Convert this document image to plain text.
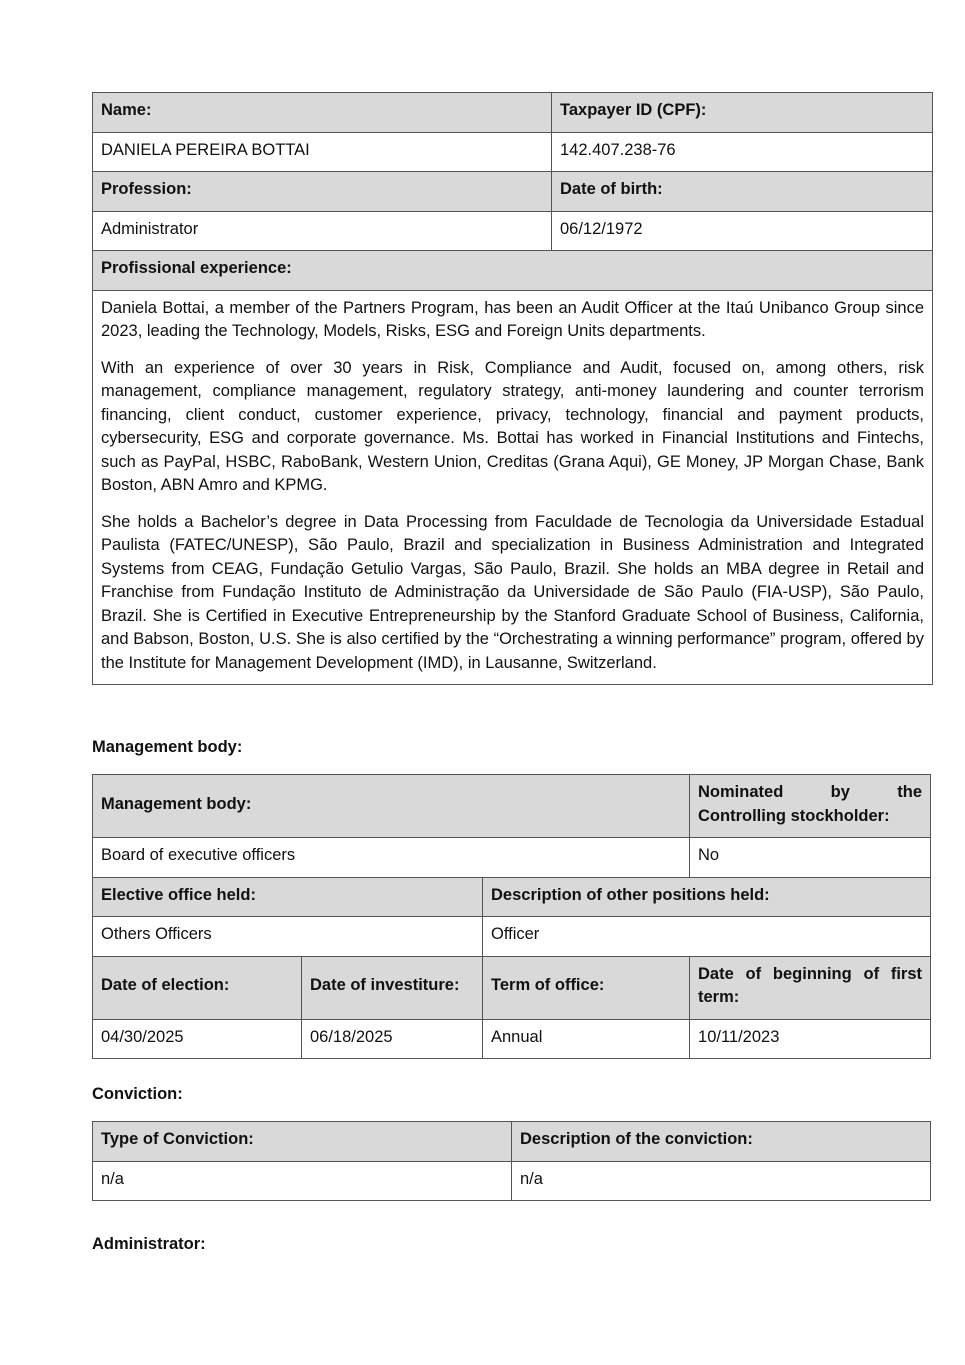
Name:	Taxpayer ID (CPF):
DANIELA PEREIRA BOTTAI	142.407.238-76
Profession:	Date of birth:
Administrator	06/12/1972
Profissional experience:	

Daniela Bottai, a member of the Partners Program, has been an Audit Officer at the Itaú Unibanco Group since 2023, leading the Technology, Models, Risks, ESG and Foreign Units departments.

With an experience of over 30 years in Risk, Compliance and Audit, focused on, among others, risk management, compliance management, regulatory strategy, anti-money laundering and counter terrorism financing, client conduct, customer experience, privacy, technology, financial and payment products, cybersecurity, ESG and corporate governance. Ms. Bottai has worked in Financial Institutions and Fintechs, such as PayPal, HSBC, RaboBank, Western Union, Creditas (Grana Aqui), GE Money, JP Morgan Chase, Bank Boston, ABN Amro and KPMG.

She holds a Bachelor’s degree in Data Processing from Faculdade de Tecnologia da Universidade Estadual Paulista (FATEC/UNESP), São Paulo, Brazil and specialization in Business Administration and Integrated Systems from CEAG, Fundação Getulio Vargas, São Paulo, Brazil. She holds an MBA degree in Retail and Franchise from Fundação Instituto de Administração da Universidade de São Paulo (FIA-USP), São Paulo, Brazil. She is Certified in Executive Entrepreneurship by the Stanford Graduate School of Business, California, and Babson, Boston, U.S. She is also certified by the “Orchestrating a winning performance” program, offered by the Institute for Management Development (IMD), in Lausanne, Switzerland.	

Management body:
Management body:			Nominated by the Controlling stockholder:

Board of executive officers			No
Elective office held:		Description of other positions held:	
Others Officers		Officer	
Date of election:	Date of investiture:	Term of office:	Date of beginning of first term:
04/30/2025	06/18/2025	Annual	10/11/2023
Conviction:
Type of Conviction:	Description of the conviction:
n/a	n/a
Administrator:
